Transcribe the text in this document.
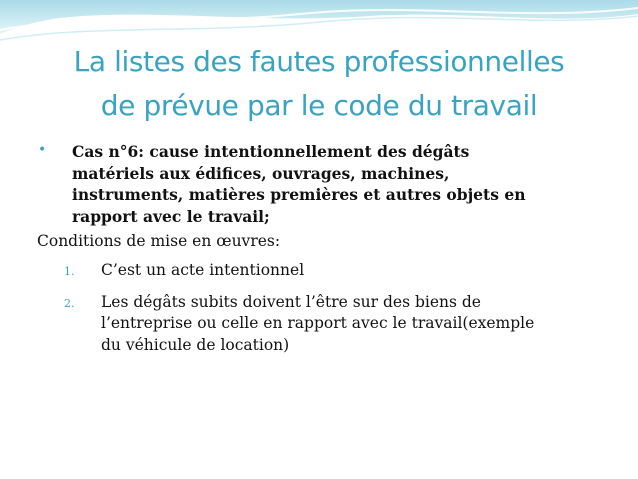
La listes des fautes professionnelles
de prévue par le code du travail
• Cas n°6: cause intentionnellement des dégâts
matériels aux édifices, ouvrages, machines,
instruments, matières premières et autres objets en
rapport avec le travail;
Conditions de mise en œuvres:
1. C’est un acte intentionnel
2. Les dégâts subits doivent l’être sur des biens de
l’entreprise ou celle en rapport avec le travail(exemple
du véhicule de location)
